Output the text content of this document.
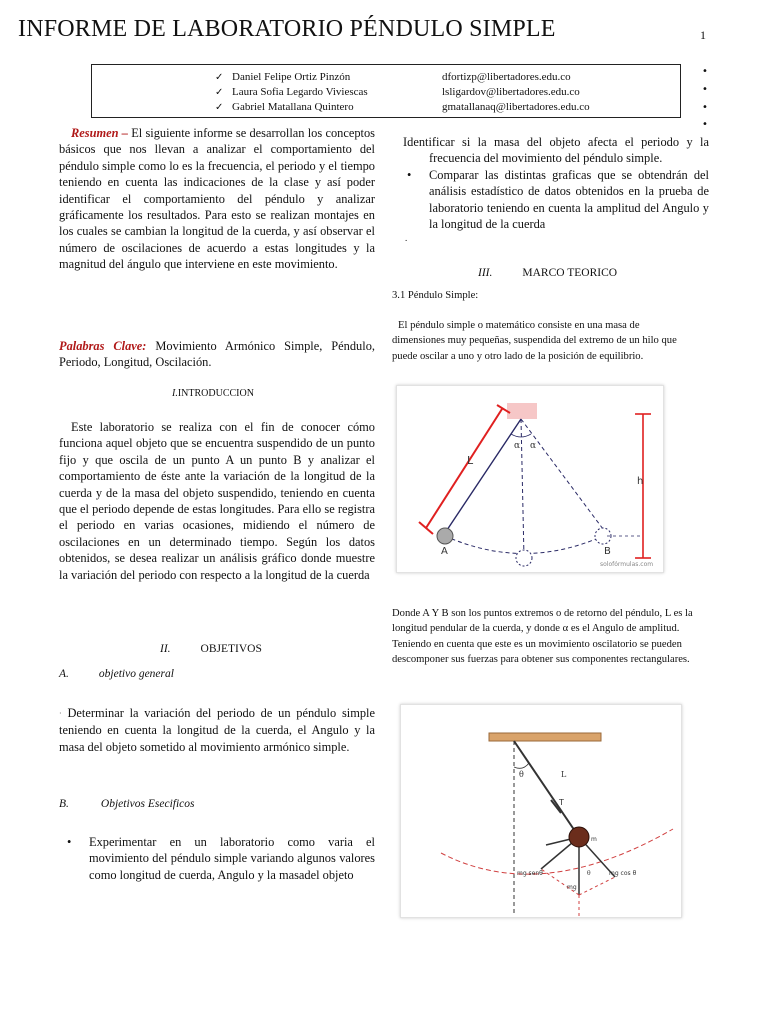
INFORME DE LABORATORIO PÉNDULO SIMPLE	1
✓ Daniel Felipe Ortiz Pinzón	dfortizp@libertadores.edu.co
✓ Laura Sofia Legardo Viviescas	lsligardov@libertadores.edu.co
✓ Gabriel Matallana Quintero	gmatallanaq@libertadores.edu.co
•
•
•
•
Resumen – El siguiente informe se desarrollan los conceptos básicos que nos llevan a analizar el comportamiento del péndulo simple como lo es la frecuencia, el periodo y el tiempo teniendo en cuenta las indicaciones de la clase y así poder identificar el comportamiento del péndulo y analizar gráficamente los resultados. Para esto se realizan montajes en los cuales se cambian la longitud de la cuerda, y así observar el número de oscilaciones de acuerdo a estas longitudes y la magnitud del ángulo que interviene en este movimiento.
Palabras Clave: Movimiento Armónico Simple, Péndulo, Periodo, Longitud, Oscilación.
I.INTRODUCCION
Este laboratorio se realiza con el fin de conocer cómo funciona aquel objeto que se encuentra suspendido de un punto fijo y que oscila de un punto A un punto B y analizar el comportamiento de éste ante la variación de la longitud de la cuerda y de la masa del objeto suspendido, teniendo en cuenta que el periodo depende de estas longitudes. Para ello se registra el periodo en varias ocasiones, midiendo el número de oscilaciones en un determinado tiempo. Según los datos obtenidos, se desea realizar un análisis gráfico donde muestre la variación del periodo con respecto a la longitud de la cuerda
II.	OBJETIVOS
A.	objetivo general
· Determinar la variación del periodo de un péndulo simple teniendo en cuenta la longitud de la cuerda, el Angulo y la masa del objeto sometido al movimiento armónico simple.
B.	Objetivos Esecificos
• Experimentar en un laboratorio como varia el movimiento del péndulo simple variando algunos valores como longitud de cuerda, Angulo y la masadel objeto
Identificar si la masa del objeto afecta el periodo y la frecuencia del movimiento del péndulo simple.
• Comparar las distintas graficas que se obtendrán del análisis estadístico de datos obtenidos en la prueba de laboratorio teniendo en cuenta la amplitud del Angulo y la longitud de la cuerda
.
III.	MARCO TEORICO
3.1 Péndulo Simple:
El péndulo simple o matemático consiste en una masa de dimensiones muy pequeñas, suspendida del extremo de un hilo que puede oscilar a uno y otro lado de la posición de equilibrio.
L
α α
h
A	B
solofórmulas.com
Donde A Y B son los puntos extremos o de retorno del péndulo, L es la longitud pendular de la cuerda, y donde α es el Angulo de amplitud. Teniendo en cuenta que este es un movimiento oscilatorio se pueden descomponer sus fuerzas para obtener sus componentes rectangulares.
θ	L
T
m
mg senθ	mg cos θ
mg
θ
